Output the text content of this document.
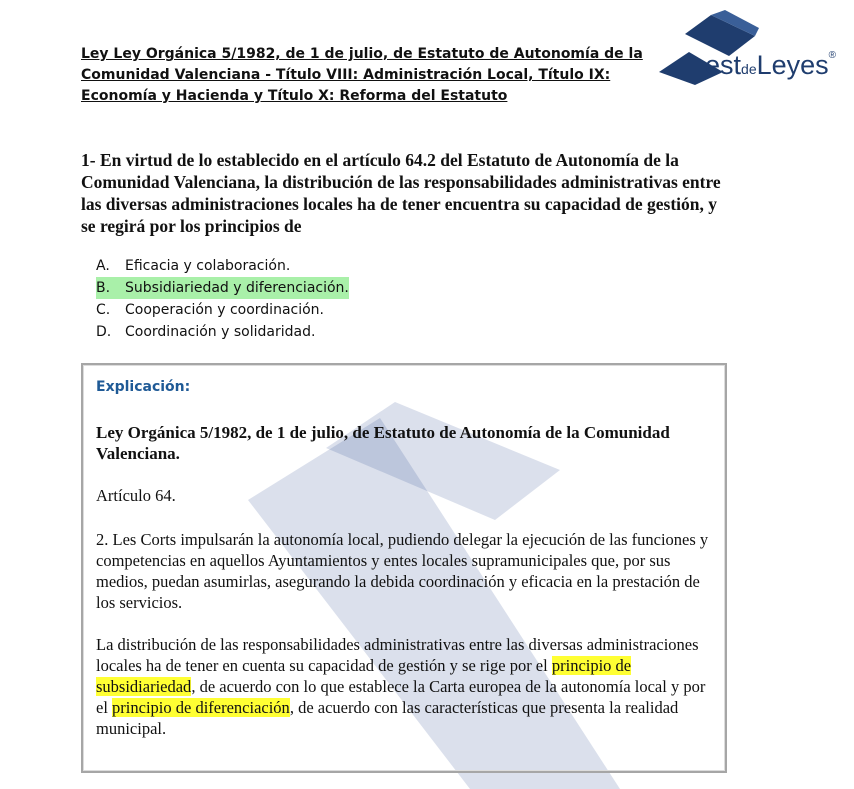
Ley Ley Orgánica 5/1982, de 1 de julio, de Estatuto de Autonomía de la Comunidad Valenciana - Título VIII: Administración Local, Título IX: Economía y Hacienda y Título X: Reforma del Estatuto
estdeLeyes®
1- En virtud de lo establecido en el artículo 64.2 del Estatuto de Autonomía de la Comunidad Valenciana, la distribución de las responsabilidades administrativas entre las diversas administraciones locales ha de tener encuentra su capacidad de gestión, y se regirá por los principios de
A.	Eficacia y colaboración.
B.	Subsidiariedad y diferenciación.
C.	Cooperación y coordinación.
D. Coordinación y solidaridad.
Explicación:
Ley Orgánica 5/1982, de 1 de julio, de Estatuto de Autonomía de la Comunidad Valenciana.
Artículo 64.
2. Les Corts impulsarán la autonomía local, pudiendo delegar la ejecución de las funciones y competencias en aquellos Ayuntamientos y entes locales supramunicipales que, por sus medios, puedan asumirlas, asegurando la debida coordinación y eficacia en la prestación de los servicios.
La distribución de las responsabilidades administrativas entre las diversas administraciones locales ha de tener en cuenta su capacidad de gestión y se rige por el principio de subsidiariedad, de acuerdo con lo que establece la Carta europea de la autonomía local y por el principio de diferenciación, de acuerdo con las características que presenta la realidad municipal.
